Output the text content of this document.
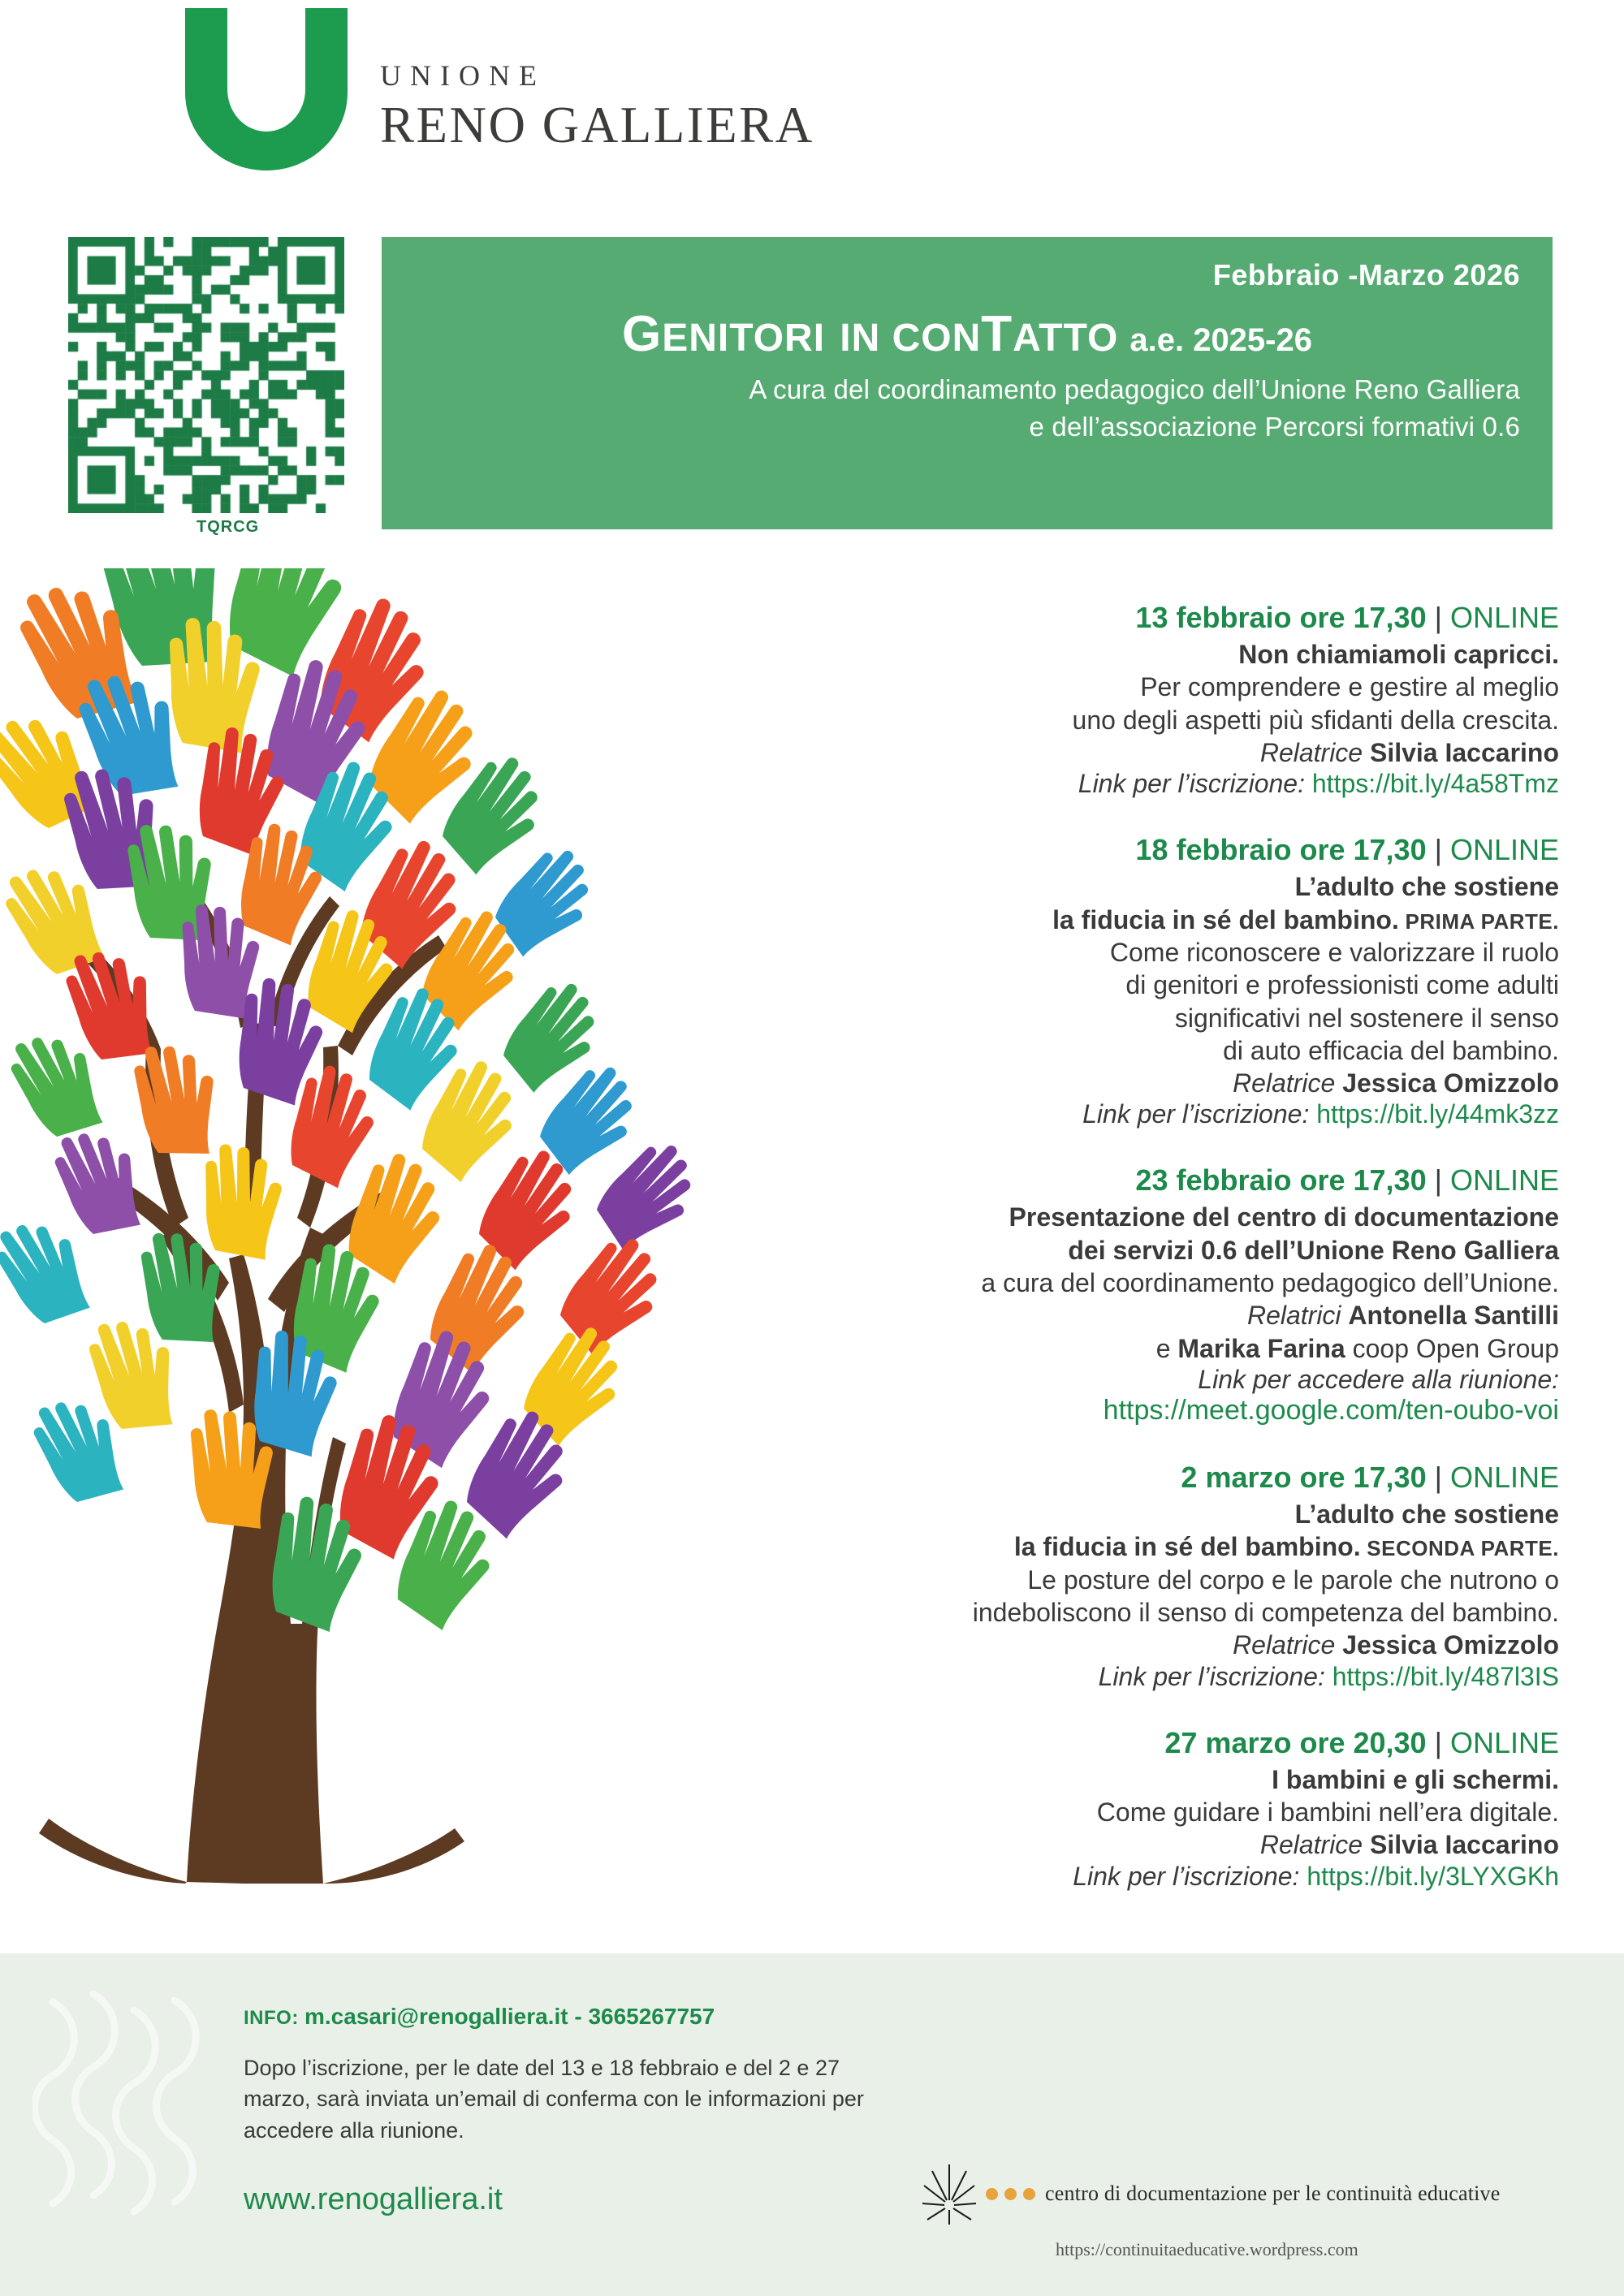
UNIONE
RENO GALLIERA
TQRCG
Febbraio -Marzo 2026
GENITORI IN CONTATTO a.e. 2025-26
A cura del coordinamento pedagogico dell’Unione Reno Galliera
e dell’associazione Percorsi formativi 0.6
13 febbraio ore 17,30 | ONLINE
Non chiamiamoli capricci.
Per comprendere e gestire al meglio
uno degli aspetti più sfidanti della crescita.
Relatrice Silvia Iaccarino
Link per l’iscrizione: https://bit.ly/4a58Tmz
18 febbraio ore 17,30 | ONLINE
L’adulto che sostiene
la fiducia in sé del bambino. PRIMA PARTE.
Come riconoscere e valorizzare il ruolo
di genitori e professionisti come adulti
significativi nel sostenere il senso
di auto efficacia del bambino.
Relatrice Jessica Omizzolo
Link per l’iscrizione: https://bit.ly/44mk3zz
23 febbraio ore 17,30 | ONLINE
Presentazione del centro di documentazione
dei servizi 0.6 dell’Unione Reno Galliera
a cura del coordinamento pedagogico dell’Unione.
Relatrici Antonella Santilli
e Marika Farina coop Open Group
Link per accedere alla riunione:
https://meet.google.com/ten-oubo-voi
2 marzo ore 17,30 | ONLINE
L’adulto che sostiene
la fiducia in sé del bambino. SECONDA PARTE.
Le posture del corpo e le parole che nutrono o
indeboliscono il senso di competenza del bambino.
Relatrice Jessica Omizzolo
Link per l’iscrizione: https://bit.ly/487l3IS
27 marzo ore 20,30 | ONLINE
I bambini e gli schermi.
Come guidare i bambini nell’era digitale.
Relatrice Silvia Iaccarino
Link per l’iscrizione: https://bit.ly/3LYXGKh
INFO: m.casari@renogalliera.it - 3665267757
Dopo l’iscrizione, per le date del 13 e 18 febbraio e del 2 e 27 marzo, sarà inviata un’email di conferma con le informazioni per accedere alla riunione.
www.renogalliera.it	centro di documentazione per le continuità educative
https://continuitaeducative.wordpress.com
